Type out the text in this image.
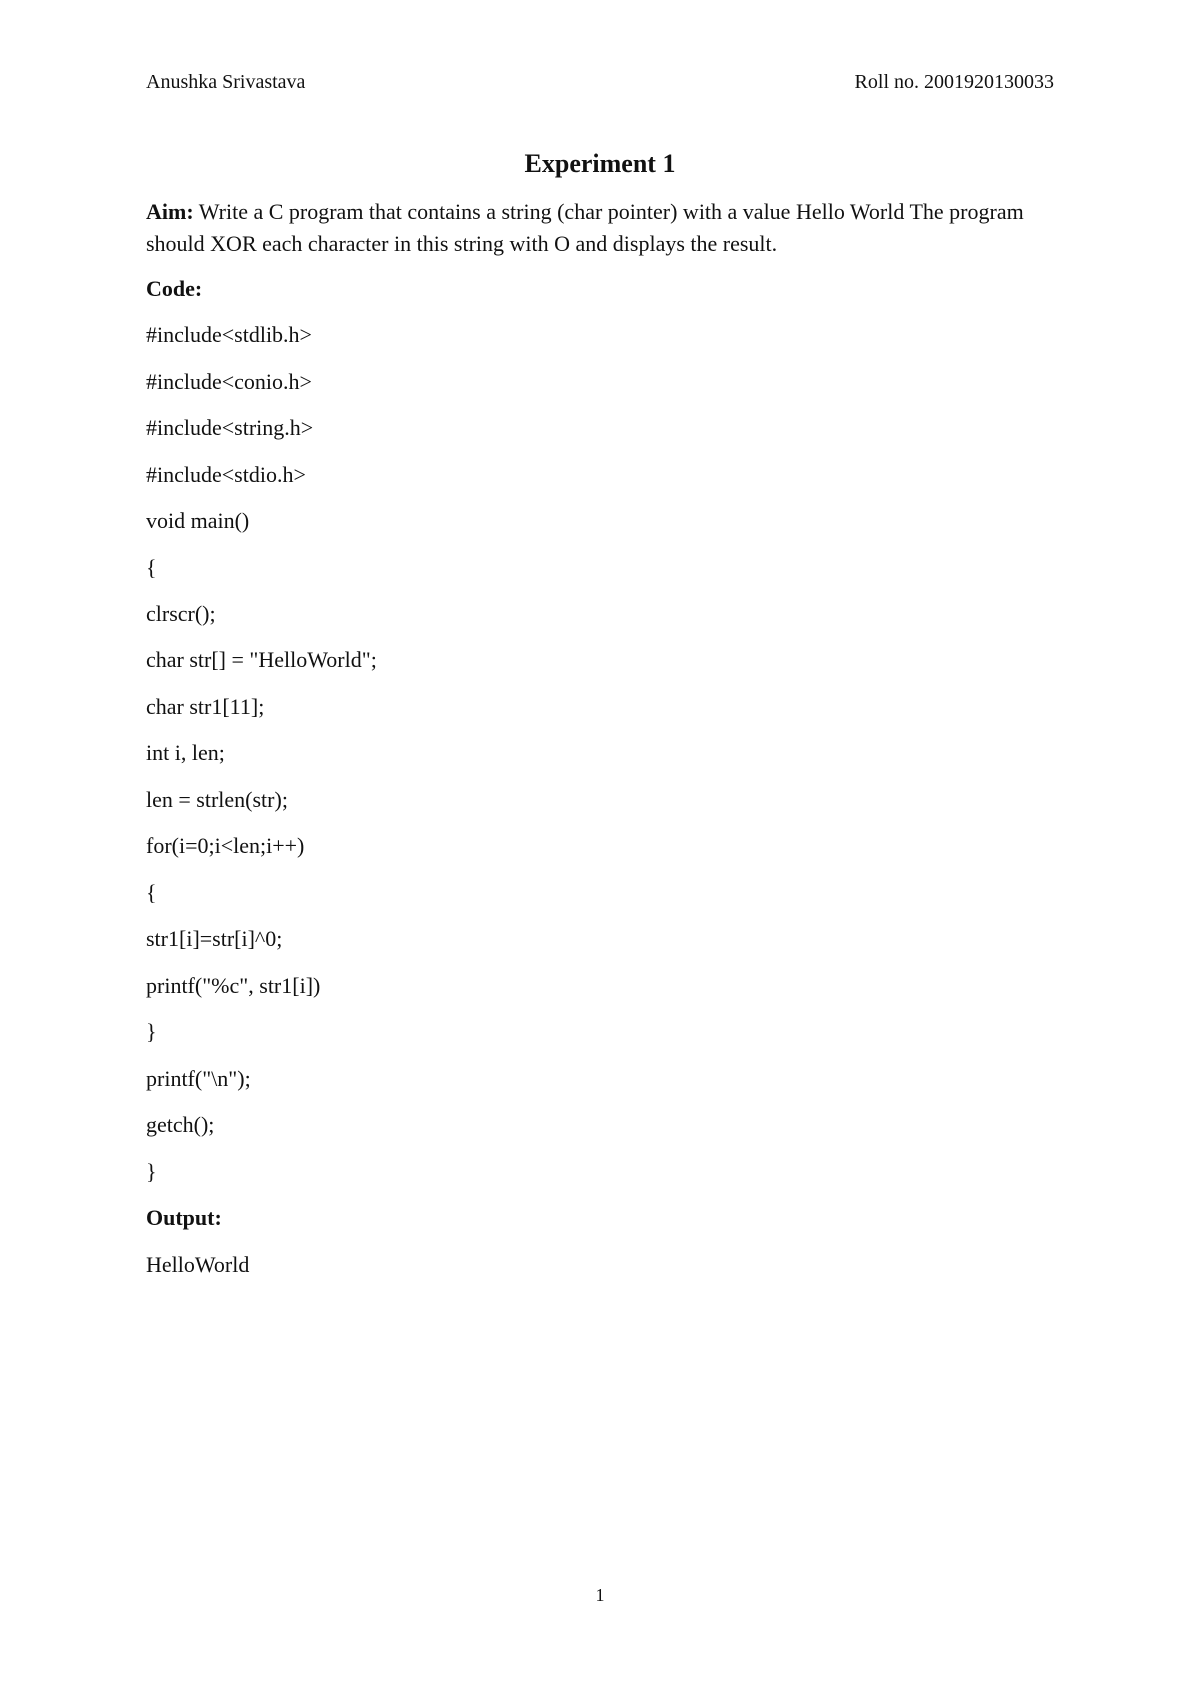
Anushka Srivastava	Roll no. 2001920130033
Experiment 1
Aim: Write a C program that contains a string (char pointer) with a value Hello World The program should XOR each character in this string with O and displays the result.
Code:
#include<stdlib.h>
#include<conio.h>
#include<string.h>
#include<stdio.h>
void main()
{
clrscr();
char str[] = "HelloWorld";
char str1[11];
int i, len;
len = strlen(str);
for(i=0;i<len;i++)
{
str1[i]=str[i]^0;
printf("%c", str1[i])
}
printf("\n");
getch();
}
Output:
HelloWorld
1
